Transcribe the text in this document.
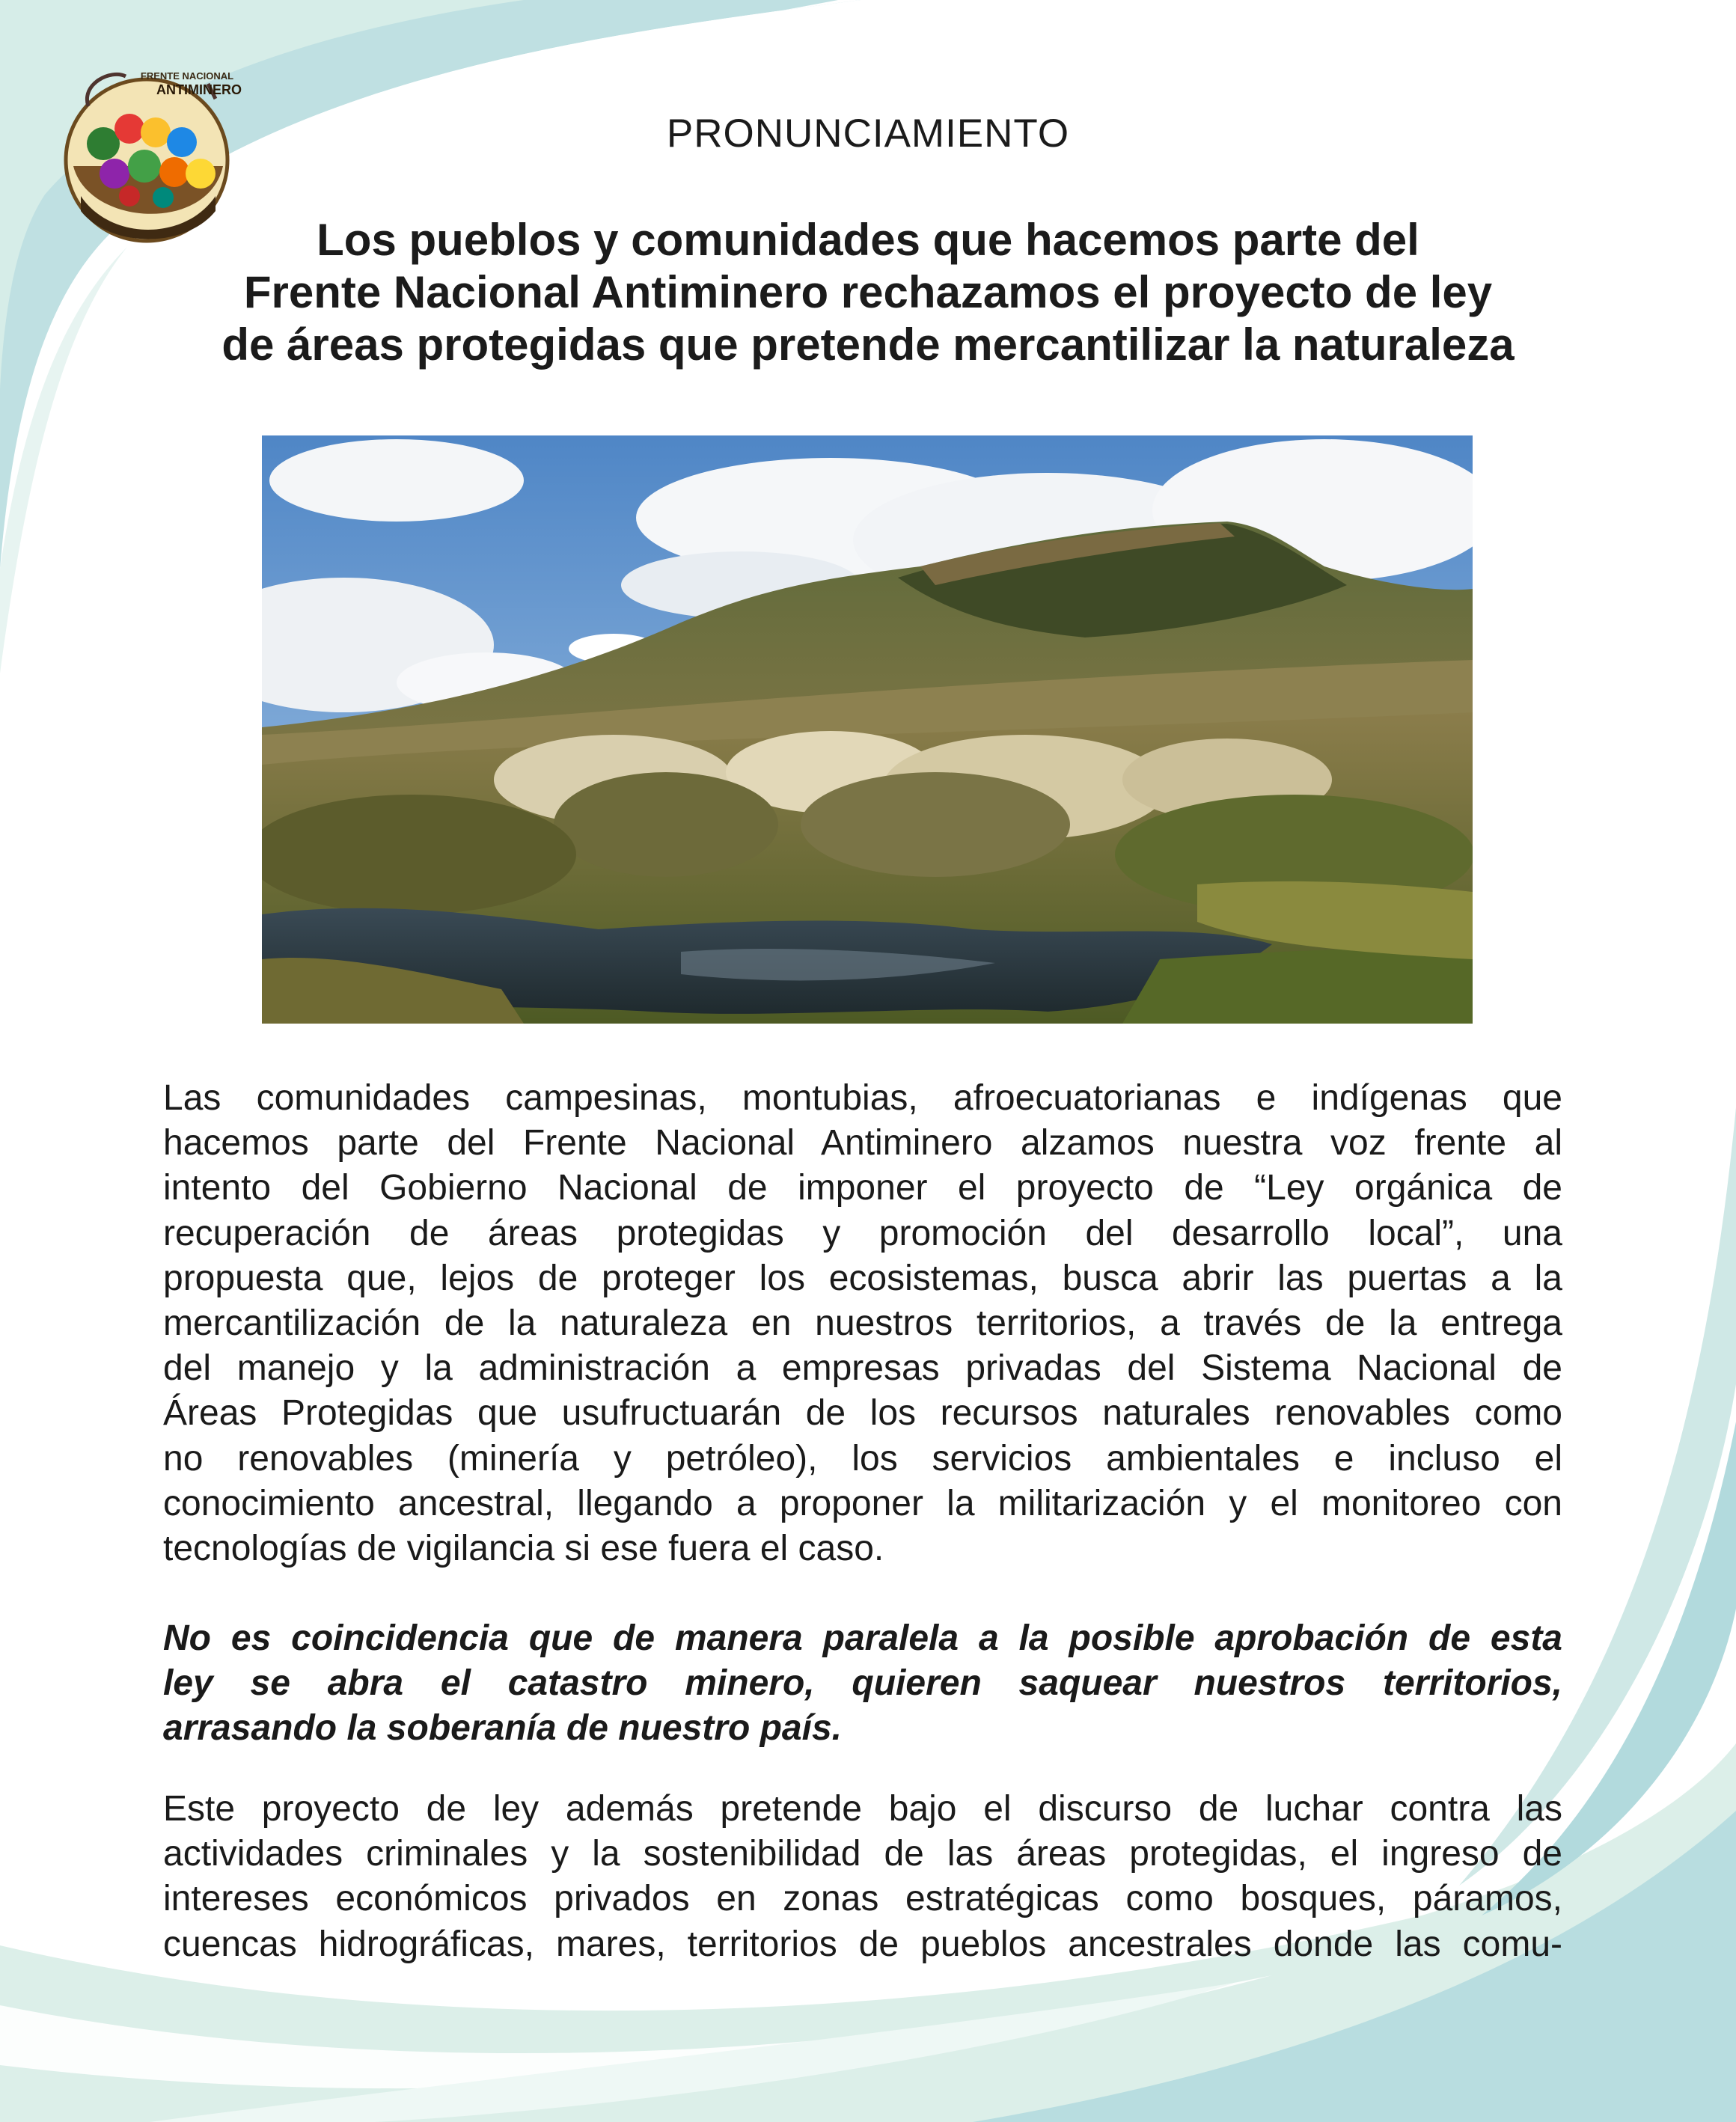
FRENTE NACIONAL
ANTIMINERO
PRONUNCIAMIENTO
Los pueblos y comunidades que hacemos parte del
Frente Nacional Antiminero rechazamos el proyecto de ley
de áreas protegidas que pretende mercantilizar la naturaleza
Las comunidades campesinas, montubias, afroecuatorianas e indígenas que
hacemos parte del Frente Nacional Antiminero alzamos nuestra voz frente al
intento del Gobierno Nacional de imponer el proyecto de “Ley orgánica de
recuperación de áreas protegidas y promoción del desarrollo local”, una
propuesta que, lejos de proteger los ecosistemas, busca abrir las puertas a la
mercantilización de la naturaleza en nuestros territorios, a través de la entrega
del manejo y la administración a empresas privadas del Sistema Nacional de
Áreas Protegidas que usufructuarán de los recursos naturales renovables como
no renovables (minería y petróleo), los servicios ambientales e incluso el
conocimiento ancestral, llegando a proponer la militarización y el monitoreo con
tecnologías de vigilancia si ese fuera el caso.
No es coincidencia que de manera paralela a la posible aprobación de esta
ley se abra el catastro minero, quieren saquear nuestros territorios,
arrasando la soberanía de nuestro país.
Este proyecto de ley además pretende bajo el discurso de luchar contra las
actividades criminales y la sostenibilidad de las áreas protegidas, el ingreso de
intereses económicos privados en zonas estratégicas como bosques, páramos,
cuencas hidrográficas, mares, territorios de pueblos ancestrales donde las comu-
